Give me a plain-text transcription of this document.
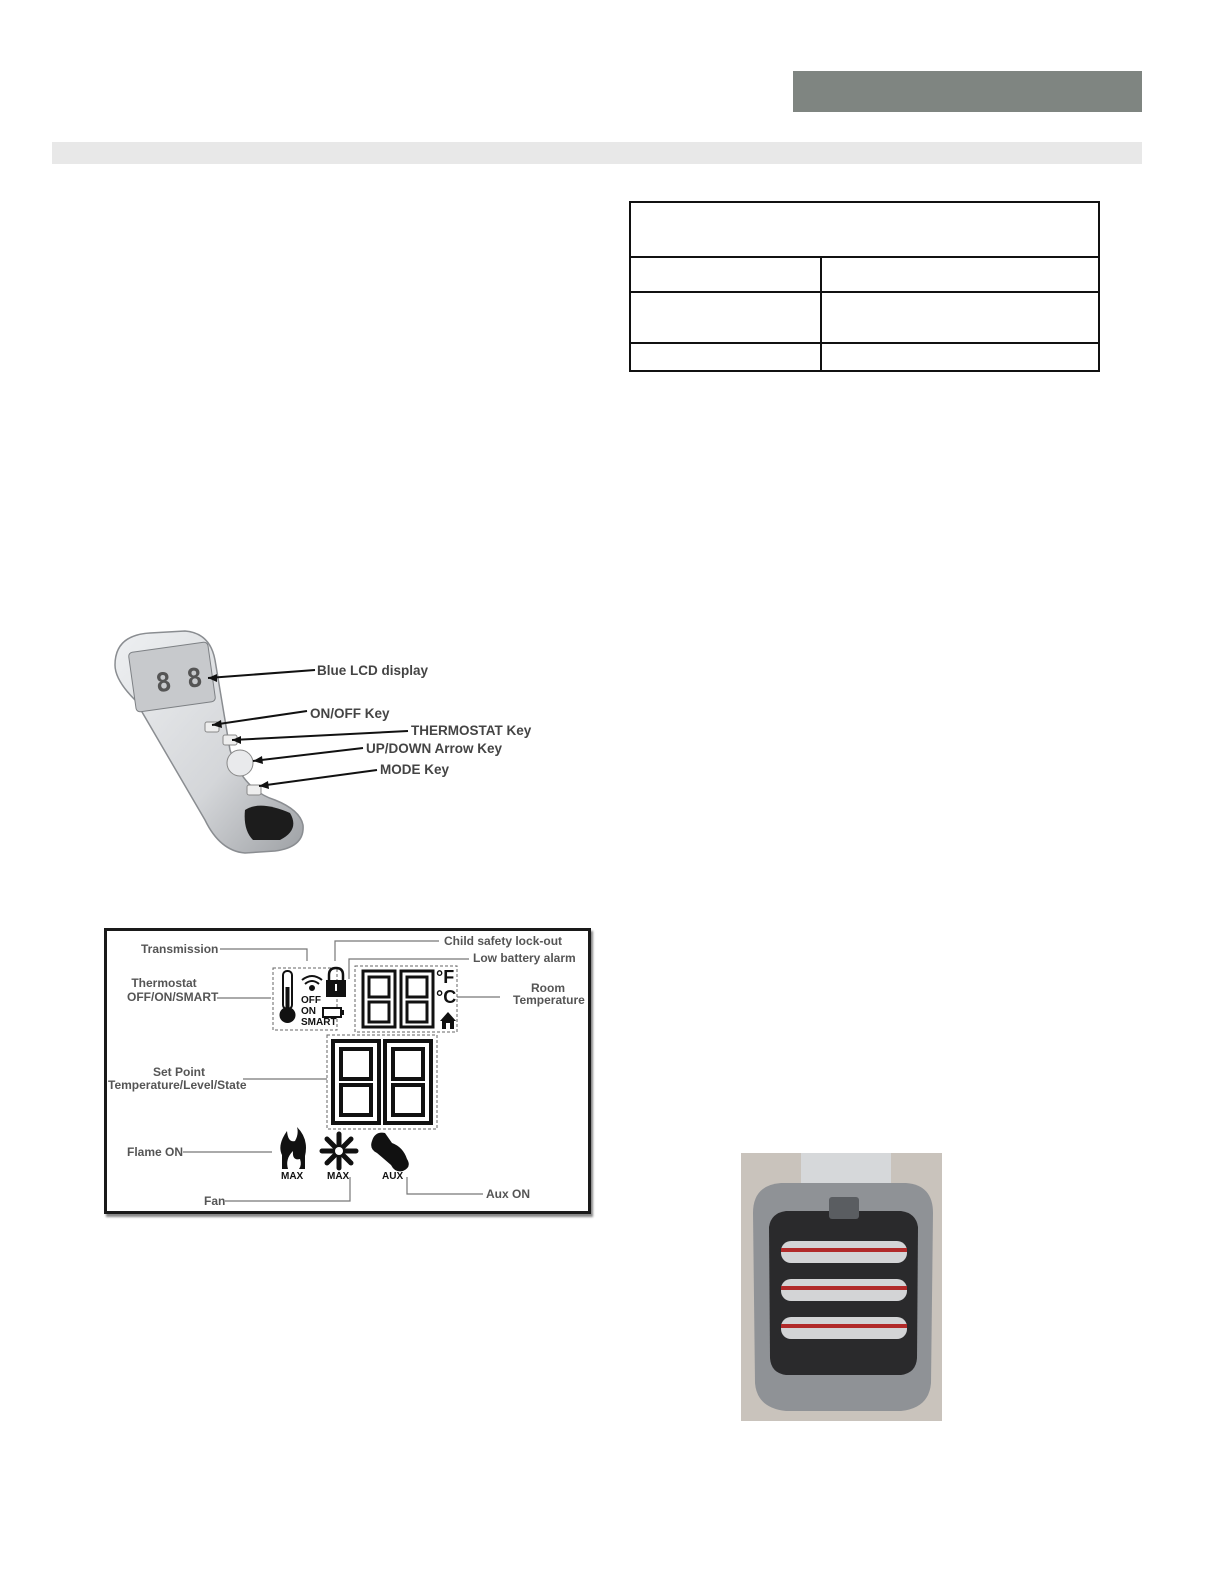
8 8	Blue LCD display
ON/OFF Key
THERMOSTAT Key
UP/DOWN Arrow Key
MODE Key
Transmission
Child safety lock-out
Low battery alarm
Thermostat
OFF/ON/SMART
Room
Temperature
Set Point
Temperature/Level/State
Flame ON
Fan	Aux ON
OFF
ON
SMART
°F
°C
MAX MAX	AUX
